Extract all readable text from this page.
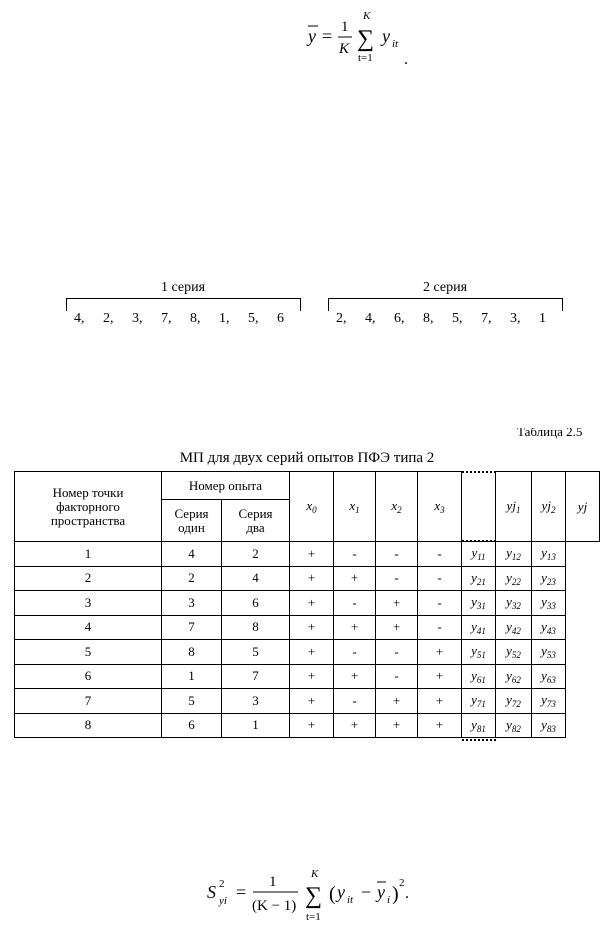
y = 1
K
K
∑
t=1
y it
.
1 серия
4,	2,	3,	7,	8,	1,	5,	6
2 серия
2,	4,	6,	8,	5,	7,	3,	1
Таблица 2.5
МП для двух серий опытов ПФЭ типа 2
Номер точки факторного пространства	Номер опыта		$x_0$	$x_1$	$x_2$	$x_3$		$yj_1$	$yj_2$	yj
	Серия один	Серия два								
1	4	2	+	-	-	-	$y_{11}$	$y_{12}$	$y_{13}$
2	2	4	+	+	-	-	$y_{21}$	$y_{22}$	$y_{23}$
3	3	6	+	-	+	-	$y_{31}$	$y_{32}$	$y_{33}$
4	7	8	+	+	+	-	$y_{41}$	$y_{42}$	$y_{43}$
5	8	5	+	-	-	+	$y_{51}$	$y_{52}$	$y_{53}$
6	1	7	+	+	-	+	$y_{61}$	$y_{62}$	$y_{63}$
7	5	3	+	-	+	+	$y_{71}$	$y_{72}$	$y_{73}$
8	6	1	+	+	+	+	$y_{81}$	$y_{82}$	$y_{83}$
S 2
yi = 1
(K − 1)
K
∑
t=1
( y it − y i ) 2
.
